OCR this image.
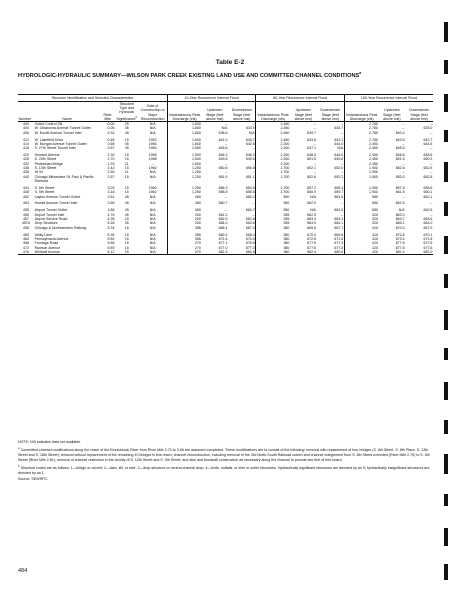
Table E-2
HYDROLOGIC-HYDRAULIC SUMMARY—WILSON PARK CREEK EXISTING LAND USE AND COMMITTED CHANNEL CONDITIONS$^a$
Structure Identification and Selected Characteristics					10-Year Recurrence Interval Flood			50-Year Recurrence Interval Flood			100-Year Recurrence Interval Flood		
Number	Name	River Mile	Structure Type and Hydraulic Significance$^b$	Date of Construction or Major Reconstruction	Instantaneous Peak Discharge (cfs)	Upstream Stage (feet above msl)	Downstream Stage (feet above msl)	Instantaneous Peak Discharge (cfs)	Upstream Stage (feet above msl)	Downstream Stage (feet above msl)	Instantaneous Peak Discharge (cfs)	Upstream Stage (feet above msl)	Downstream Stage (feet above msl)
400	Outlet Control Sill	0.00	25	N/A	1,600	--	--	2,450	--	--	2,760	--	--
404	W. Oklahoma Avenue Tunnel Outlet	0.05	45	N/A	1,600	N/A	633.9	2,450	--	634.7	2,760	--	635.0
406	W. Euclid Avenue Tunnel Inlet	0.32	45	N/A	1,600	638.8	N/A	2,450	639.7	--	2,760	640.0	--
412	W. Lakefield Drive	0.48	15	1952	1,600	641.0	640.7	2,450	643.8	642.1	2,760	643.6	642.7
414	W. Morgan Avenue Tunnel Outlet	0.68	45	1954	1,600	--	642.6	2,200	--	644.0	2,450	--	644.6
418	S. 27th Street Tunnel Inlet	0.87	45	1954	1,500	645.6	--	2,200	647.1	N/A	2,450	648.5	--
420	Howard Avenue	1.30	15	1966	1,500	646.2	646.2	2,200	648.0	648.0	2,450	648.6	648.6
428	S. 20th Street	1.70	15	1958	1,500	649.6	649.6	2,200	651.5	649.8	2,450	651.5	650.3
432	Pedestrian Bridge	1.93	11	--	1,500	--	--	2,200	--	--	2,450	--	--
436	S. 13th Street	2.42	15	1960	1,250	650.8	650.8	1,700	652.1	652.0	1,900	652.8	652.5
438	IH 94	2.50	11	N/A	1,250	--	--	1,700	--	--	1,900	--	--
440	Chicago Milwaukee St. Paul & Pacific Railroad	2.57	15	N/A	1,250	651.5	651.1	1,700	652.6	652.2	1,900	653.0	652.8
444	S. 6th Street	3.03	15	1960	1,250	656.3	654.6	1,700	657.2	655.3	1,900	657.6	655.6
448	S. 5th Street	3.18	15	1962	1,250	658.5	658.6	1,700	660.9	659.7	1,900	661.5	660.1
452	Layton Avenue Tunnel Outlet	3.51	45	N/A	460	--	660.2	550	N/A	661.6	580	--	662.1
454	Howell Avenue Tunnel Inlet	3.65	45	N/A	460	660.7	--	550	662.0	--	580	662.5	--
455	Airport Tunnel Outlet	3.86	45	N/A	460	--	660.7	550	N/A	662.0	580	N/A	662.5
456	Airport Tunnel Inlet	4.76	45	N/A	200	661.2	--	285	662.5	--	320	663.0	--
457	Airport Service Road	4.96	15	N/A	200	662.9	662.8	285	663.4	663.3	320	663.7	663.6
457A	Drop Structure	5.28	35	N/A	200	664.0	663.6	285	664.9	664.1	320	665.1	664.0
458	Chicago & Northwestern Railway	5.34	15	N/A	356	668.4	667.0	380	669.8	667.7	410	670.0	667.9
460	Utility Lane	5.36	15	N/A	356	669.1	668.4	350	670.4	669.8	410	670.8	670.1
464	Pennsylvania Avenue	5.54	15	N/A	356	671.6	670.0	380	672.6	671.6	410	673.4	671.8
468	Frontage Road	5.88	15	N/A	270	677.1	676.6	380	677.5	677.3	420	677.6	677.5
472	Rawson Avenue	5.89	15	N/A	270	677.0	677.0	380	677.6	677.6	420	677.8	677.6
476	Whitnall Avenue	6.12	15	N/A	370	682.3	680.5	380	682.4	680.6	420	682.4	681.0

NOTE: N/A indicates data not available.

$^a$ Committed channel modifications along the reach of the Kinnickinnic River from River Mile 2.70 to 3.68 are assumed completed. These modifications are to consist of the following: removal with replacement of four bridges (S. 6th Street, S. 8th Place, S. 13th Street and S. 16th Street); removal without replacement of the remaining 10 bridges in this reach; channel reconstruction, including removal of the Old North-South Railroad culvert and channel realignment from S. 8th Street extended (River Mile 2.70) to S. 6th Street (River Mile 2.81); removal of channel restriction in the vicinity of S. 12th Street and S. 9th Street; and dike and floodwall construction as necessary along the channel to provide two feet of free board.

$^b$ Structure codes are as follows: 1—bridge or culvert; 2—dam, sill, or weir; 3—drop structure or neutral channel drop; 4—fords, outfalls, or inlet or outlet structures. Hydraulically significant structures are denoted by an 5; hydraulically insignificant structures are denoted by an 1.

Source: SEWRPC.

484
